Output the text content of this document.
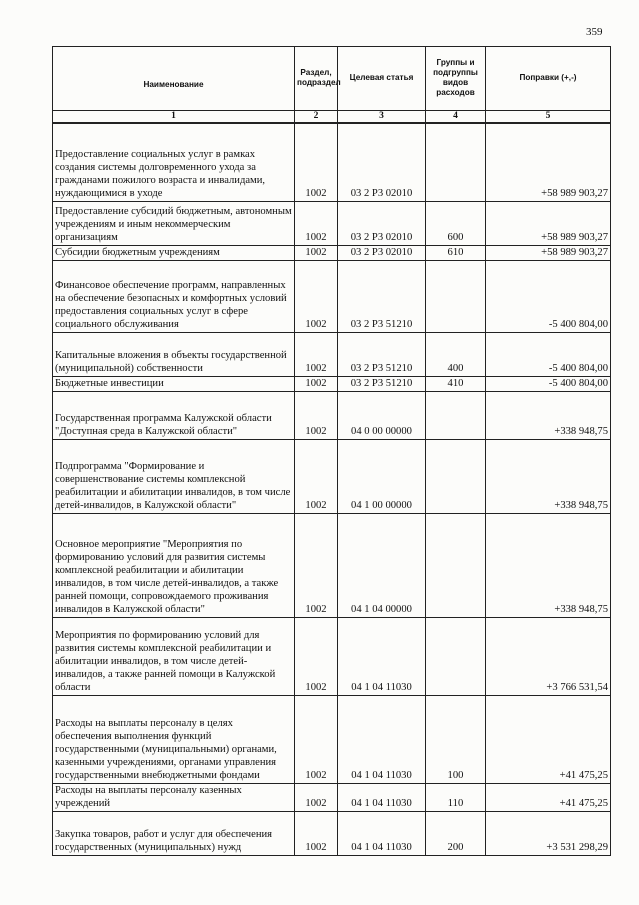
359
Наименование	Раздел, подраздел	Целевая статья	Группы и подгруппы видов расходов	Поправки (+,-)
1	2	3	4	5
Предоставление социальных услуг в рамках создания системы долговременного ухода за гражданами пожилого возраста и инвалидами, нуждающимися в уходе	1002	03 2 P3 02010		+58 989 903,27
Предоставление субсидий бюджетным, автономным учреждениям и иным некоммерческим организациям	1002	03 2 P3 02010	600	+58 989 903,27
Субсидии бюджетным учреждениям	1002	03 2 P3 02010	610	+58 989 903,27
Финансовое обеспечение программ, направленных на обеспечение безопасных и комфортных условий предоставления социальных услуг в сфере социального обслуживания	1002	03 2 P3 51210		-5 400 804,00
Капитальные вложения в объекты государственной (муниципальной) собственности	1002	03 2 P3 51210	400	-5 400 804,00
Бюджетные инвестиции	1002	03 2 P3 51210	410	-5 400 804,00
Государственная программа Калужской области "Доступная среда в Калужской области"	1002	04 0 00 00000		+338 948,75
Подпрограмма "Формирование и совершенствование системы комплексной реабилитации и абилитации инвалидов, в том числе детей-инвалидов, в Калужской области"	1002	04 1 00 00000		+338 948,75
Основное мероприятие "Мероприятия по формированию условий для развития системы комплексной реабилитации и абилитации инвалидов, в том числе детей-инвалидов, а также ранней помощи, сопровождаемого проживания инвалидов в Калужской области"	1002	04 1 04 00000		+338 948,75
Мероприятия по формированию условий для развития системы комплексной реабилитации и абилитации инвалидов, в том числе детей-инвалидов, а также ранней помощи в Калужской области	1002	04 1 04 11030		+3 766 531,54
Расходы на выплаты персоналу в целях обеспечения выполнения функций государственными (муниципальными) органами, казенными учреждениями, органами управления государственными внебюджетными фондами	1002	04 1 04 11030	100	+41 475,25
Расходы на выплаты персоналу казенных учреждений	1002	04 1 04 11030	110	+41 475,25
Закупка товаров, работ и услуг для обеспечения государственных (муниципальных) нужд	1002	04 1 04 11030	200	+3 531 298,29
